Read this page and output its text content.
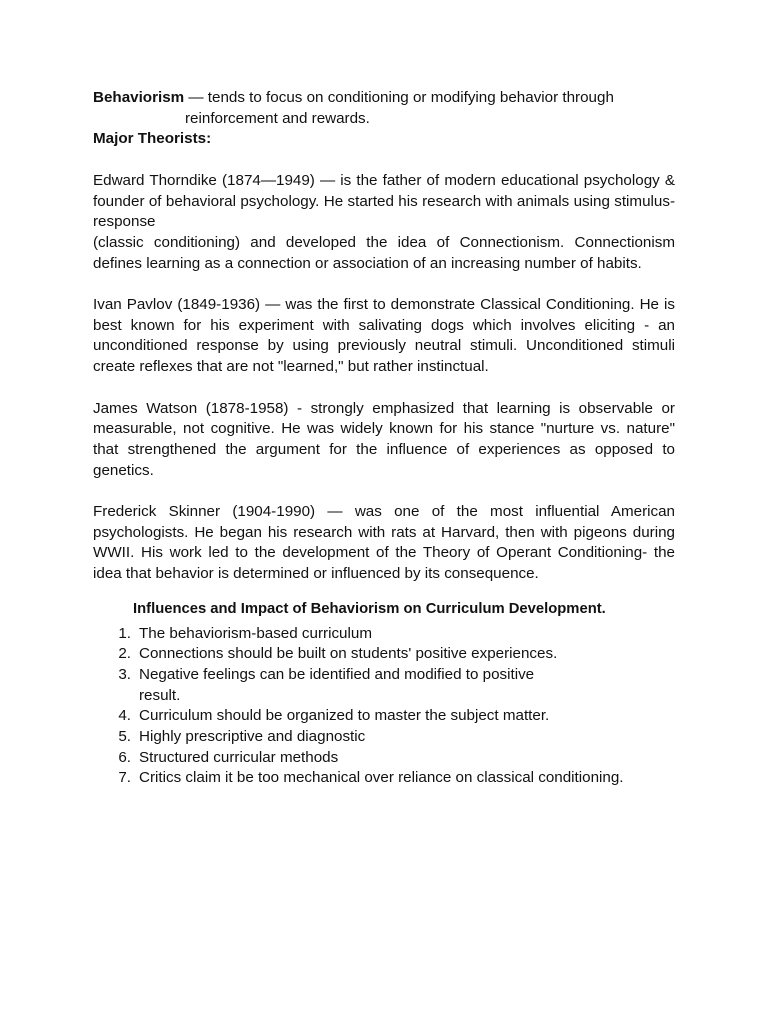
Behaviorism — tends to focus on conditioning or modifying behavior through

reinforcement and rewards.

Major Theorists:

Edward Thorndike (1874—1949) — is the father of modern educational psychology & founder of behavioral psychology. He started his research with animals using stimulus-response
(classic conditioning) and developed the idea of Connectionism. Connectionism defines learning as a connection or association of an increasing number of habits.

Ivan Pavlov (1849-1936) — was the first to demonstrate Classical Conditioning. He is best known for his experiment with salivating dogs which involves eliciting - an unconditioned response by using previously neutral stimuli. Unconditioned stimuli create reflexes that are not "learned," but rather instinctual.

James Watson (1878-1958) - strongly emphasized that learning is observable or measurable, not cognitive. He was widely known for his stance "nurture vs. nature" that strengthened the argument for the influence of experiences as opposed to genetics.

Frederick Skinner (1904-1990) — was one of the most influential American psychologists. He began his research with rats at Harvard, then with pigeons during WWII. His work led to the development of the Theory of Operant Conditioning- the idea that behavior is determined or influenced by its consequence.

Influences and Impact of Behaviorism on Curriculum Development.

1. The behaviorism-based curriculum
2. Connections should be built on students' positive experiences.
3. Negative feelings can be identified and modified to positive result.
4. Curriculum should be organized to master the subject matter.
5. Highly prescriptive and diagnostic
6. Structured curricular methods
7. Critics claim it be too mechanical over reliance on classical conditioning.
